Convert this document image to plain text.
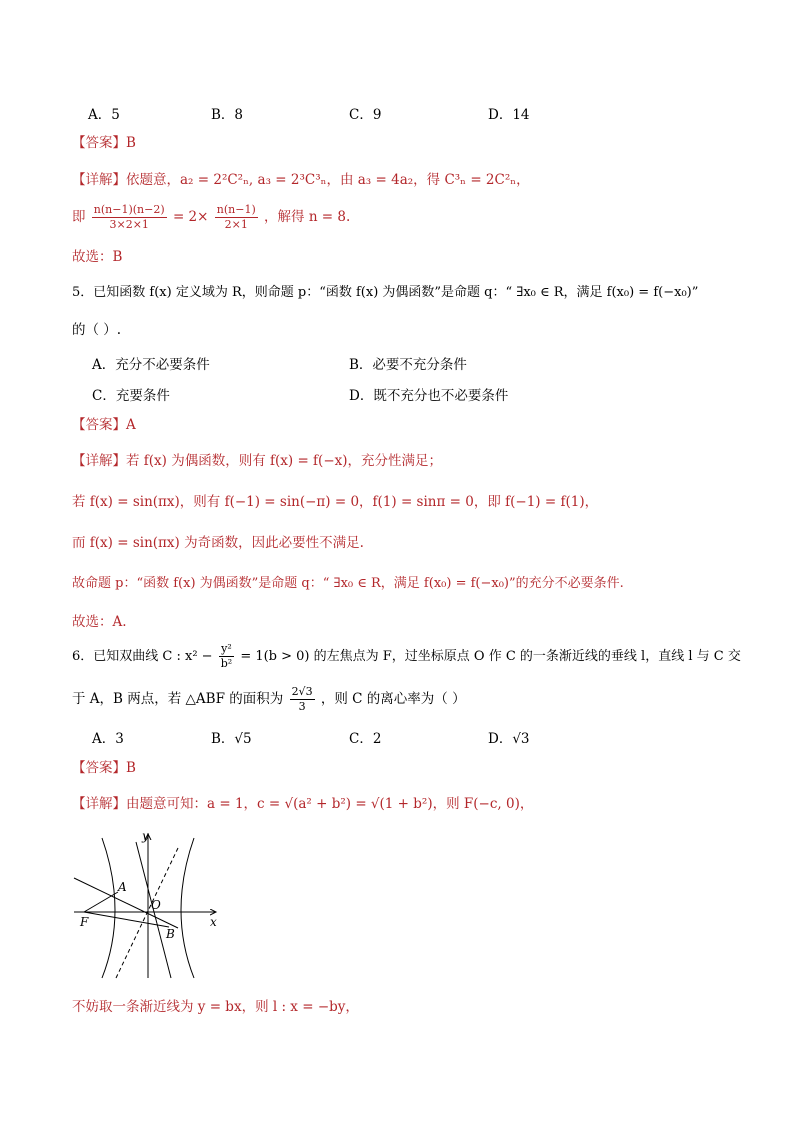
A．5	B．8	C．9	D．14
【答案】B
【详解】依题意，a₂ = 2²C²ₙ, a₃ = 2³C³ₙ，由 a₃ = 4a₂，得 C³ₙ = 2C²ₙ，
即 $\frac{n(n-1)(n-2)}{3\times 2\times 1} = 2\times \frac{n(n-1)}{2\times 1}$ ，解得 n = 8.
故选：B
5．已知函数 f(x) 定义域为 R，则命题 p：“函数 f(x) 为偶函数”是命题 q：“ ∃x₀ ∈ R，满足 f(x₀) = f(−x₀)”
的（ ）.
A．充分不必要条件	B．必要不充分条件
C．充要条件	D．既不充分也不必要条件
【答案】A
【详解】若 f(x) 为偶函数，则有 f(x) = f(−x)，充分性满足；
若 f(x) = sin(πx)，则有 f(−1) = sin(−π) = 0，f(1) = sinπ = 0，即 f(−1) = f(1)，
而 f(x) = sin(πx) 为奇函数，因此必要性不满足.
故命题 p：“函数 f(x) 为偶函数”是命题 q：“ ∃x₀ ∈ R，满足 f(x₀) = f(−x₀)”的充分不必要条件.
故选：A.
6．已知双曲线 C : $x^2 - \frac{\text{y²}}{\text{b²}} = 1(b > 0)$ 的左焦点为 F，过坐标原点 O 作 C 的一条渐近线的垂线 l，直线 l 与 C 交
于 A，B 两点，若 △ABF 的面积为 $\frac{2√3}{3}$ ，则 C 的离心率为（ ）
A．3	B．√5	C．2	D．√3
【答案】B
【详解】由题意可知：a = 1，c = √(a² + b²) = √(1 + b²)，则 F(−c, 0)，
y
x
A
O
F
B
不妨取一条渐近线为 y = bx，则 l : x = −by，
